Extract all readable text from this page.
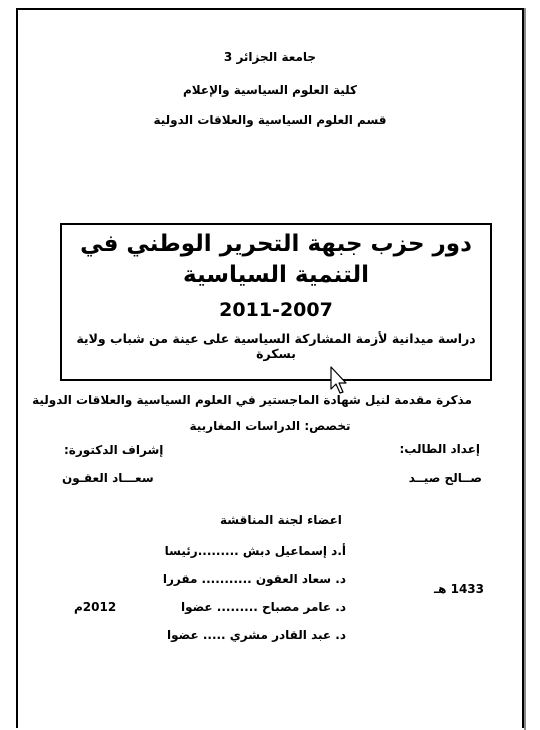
جامعة الجزائر 3
كلية العلوم السياسية والإعلام
قسم العلوم السياسية والعلاقات الدولية
دور حزب جبهة التحرير الوطني في التنمية السياسية
2011-2007
دراسة ميدانية لأزمة المشاركة السياسية على عينة من شباب ولاية بسكرة
مذكرة مقدمة لنيل شهادة الماجستير في العلوم السياسية والعلاقات الدولية
تخصص: الدراسات المغاربية
إعداد الطالب:
إشراف الدكتورة:
صــالح صيــد
سعـــاد العقـون
اعضاء لجنة المناقشة
أ.د إسماعيل دبش .........رئيسا
د. سعاد العقون ........... مقررا
د. عامر مصباح ......... عضوا
د. عبد القادر مشري ..... عضوا
1433 هـ
2012م
